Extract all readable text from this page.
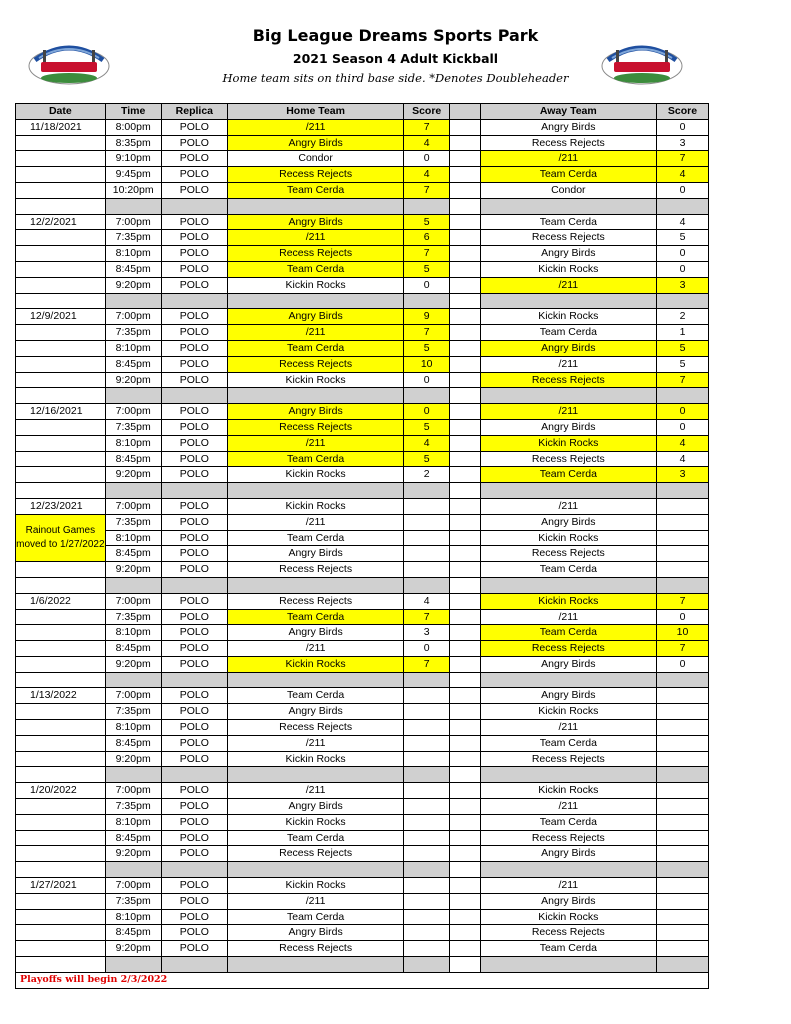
Big League Dreams Sports Park
2021 Season 4 Adult Kickball
Home team sits on third base side. *Denotes Doubleheader
Date	Time	Replica	Home Team	Score		Away Team	Score
11/18/2021	8:00pm	POLO	/211	7		Angry Birds	0
	8:35pm	POLO	Angry Birds	4		Recess Rejects	3
	9:10pm	POLO	Condor	0		/211	7
	9:45pm	POLO	Recess Rejects	4		Team Cerda	4
	10:20pm	POLO	Team Cerda	7		Condor	0

12/2/2021	7:00pm	POLO	Angry Birds	5		Team Cerda	4
	7:35pm	POLO	/211	6		Recess Rejects	5
	8:10pm	POLO	Recess Rejects	7		Angry Birds	0
	8:45pm	POLO	Team Cerda	5		Kickin Rocks	0
	9:20pm	POLO	Kickin Rocks	0		/211	3

12/9/2021	7:00pm	POLO	Angry Birds	9		Kickin Rocks	2
	7:35pm	POLO	/211	7		Team Cerda	1
	8:10pm	POLO	Team Cerda	5		Angry Birds	5
	8:45pm	POLO	Recess Rejects	10		/211	5
	9:20pm	POLO	Kickin Rocks	0		Recess Rejects	7

12/16/2021	7:00pm	POLO	Angry Birds	0		/211	0
	7:35pm	POLO	Recess Rejects	5		Angry Birds	0
	8:10pm	POLO	/211	4		Kickin Rocks	4
	8:45pm	POLO	Team Cerda	5		Recess Rejects	4
	9:20pm	POLO	Kickin Rocks	2		Team Cerda	3

12/23/2021	7:00pm	POLO	Kickin Rocks			/211	
Rainout Games moved to 1/27/2022	7:35pm	POLO	/211			Angry Birds	
	8:10pm	POLO	Team Cerda			Kickin Rocks	
	8:45pm	POLO	Angry Birds			Recess Rejects	
	9:20pm	POLO	Recess Rejects			Team Cerda	

1/6/2022	7:00pm	POLO	Recess Rejects	4		Kickin Rocks	7
	7:35pm	POLO	Team Cerda	7		/211	0
	8:10pm	POLO	Angry Birds	3		Team Cerda	10
	8:45pm	POLO	/211	0		Recess Rejects	7
	9:20pm	POLO	Kickin Rocks	7		Angry Birds	0

1/13/2022	7:00pm	POLO	Team Cerda			Angry Birds	
	7:35pm	POLO	Angry Birds			Kickin Rocks	
	8:10pm	POLO	Recess Rejects			/211	
	8:45pm	POLO	/211			Team Cerda	
	9:20pm	POLO	Kickin Rocks			Recess Rejects	

1/20/2022	7:00pm	POLO	/211			Kickin Rocks	
	7:35pm	POLO	Angry Birds			/211	
	8:10pm	POLO	Kickin Rocks			Team Cerda	
	8:45pm	POLO	Team Cerda			Recess Rejects	
	9:20pm	POLO	Recess Rejects			Angry Birds	

1/27/2021	7:00pm	POLO	Kickin Rocks			/211	
	7:35pm	POLO	/211			Angry Birds	
	8:10pm	POLO	Team Cerda			Kickin Rocks	
	8:45pm	POLO	Angry Birds			Recess Rejects	
	9:20pm	POLO	Recess Rejects			Team Cerda	

Playoffs will begin 2/3/2022							
